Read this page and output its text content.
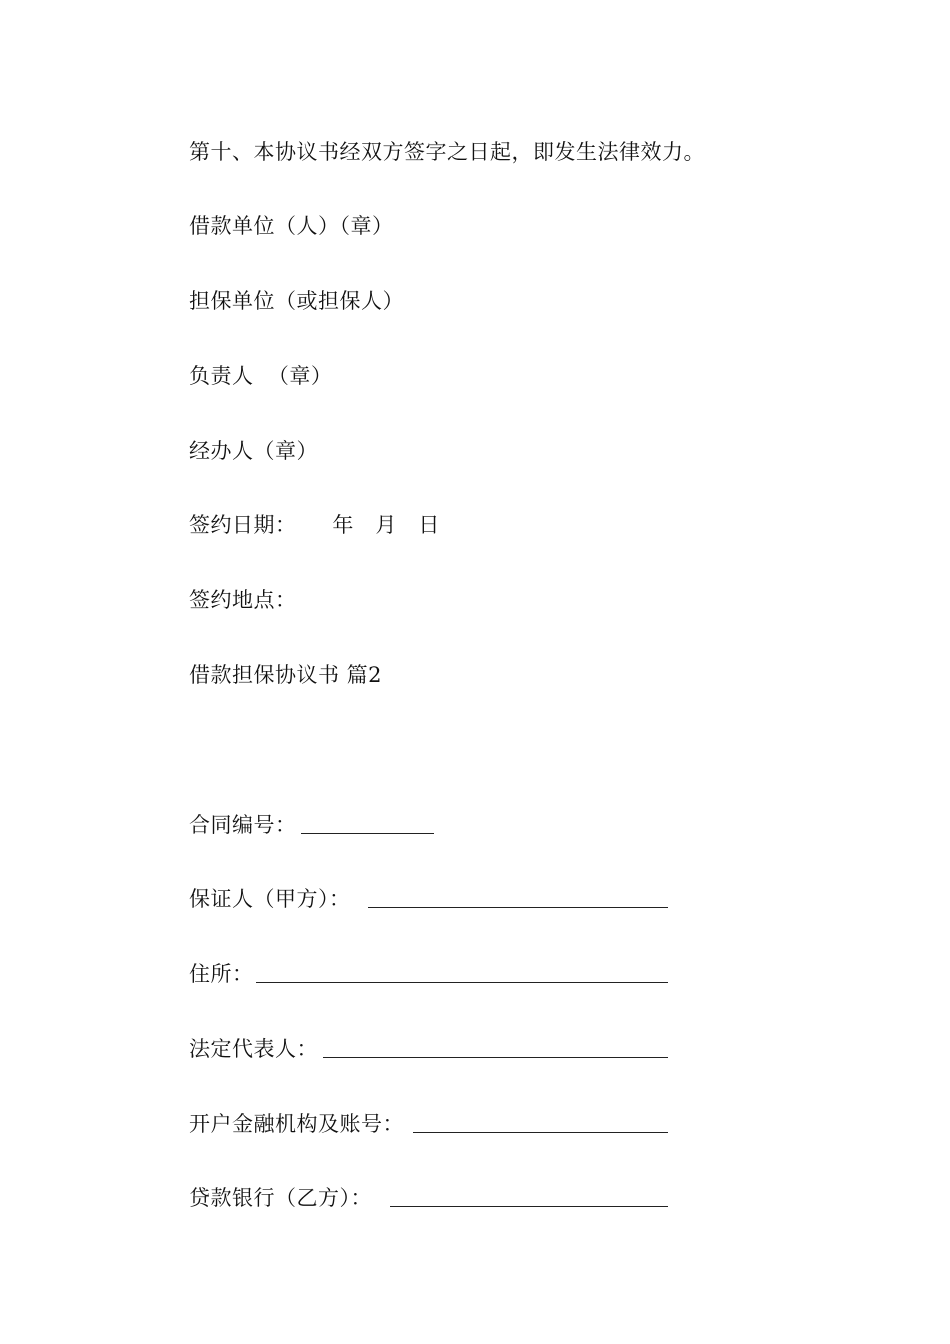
第十、本协议书经双方签字之日起，即发生法律效力。
借款单位（人）（章）
担保单位（或担保人）
负责人  （章）
经办人（章）
签约日期：     年   月   日
签约地点：
借款担保协议书 篇2
合同编号：
保证人（甲方）：
住所：
法定代表人：
开户金融机构及账号：
贷款银行（乙方）：
